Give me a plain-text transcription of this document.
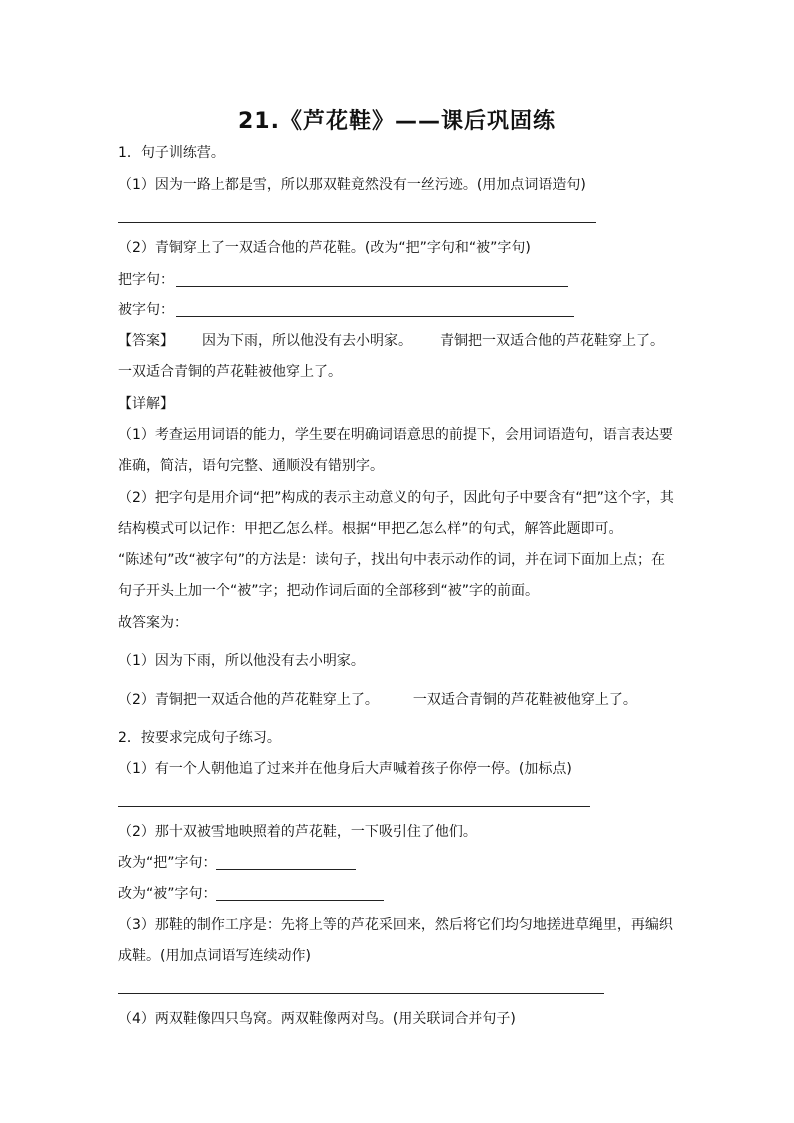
21.《芦花鞋》——课后巩固练
1．句子训练营。
（1）因为一路上都是雪，所以那双鞋竟然没有一丝污迹。(用加点词语造句)
（2）青铜穿上了一双适合他的芦花鞋。(改为“把”字句和“被”字句)
把字句：
被字句：
【答案】 因为下雨，所以他没有去小明家。 青铜把一双适合他的芦花鞋穿上了。
一双适合青铜的芦花鞋被他穿上了。
【详解】
（1）考查运用词语的能力，学生要在明确词语意思的前提下，会用词语造句，语言表达要
准确，简洁，语句完整、通顺没有错别字。
（2）把字句是用介词“把”构成的表示主动意义的句子，因此句子中要含有“把”这个字，其
结构模式可以记作：甲把乙怎么样。根据“甲把乙怎么样”的句式，解答此题即可。
“陈述句”改“被字句”的方法是：读句子，找出句中表示动作的词，并在词下面加上点；在
句子开头上加一个“被”字；把动作词后面的全部移到“被”字的前面。
故答案为：
（1）因为下雨，所以他没有去小明家。
（2）青铜把一双适合他的芦花鞋穿上了。 一双适合青铜的芦花鞋被他穿上了。
2．按要求完成句子练习。
（1）有一个人朝他追了过来并在他身后大声喊着孩子你停一停。(加标点)
（2）那十双被雪地映照着的芦花鞋，一下吸引住了他们。
改为“把”字句：
改为“被”字句：
（3）那鞋的制作工序是：先将上等的芦花采回来，然后将它们均匀地搓进草绳里，再编织
成鞋。(用加点词语写连续动作)
（4）两双鞋像四只鸟窝。两双鞋像两对鸟。(用关联词合并句子)
